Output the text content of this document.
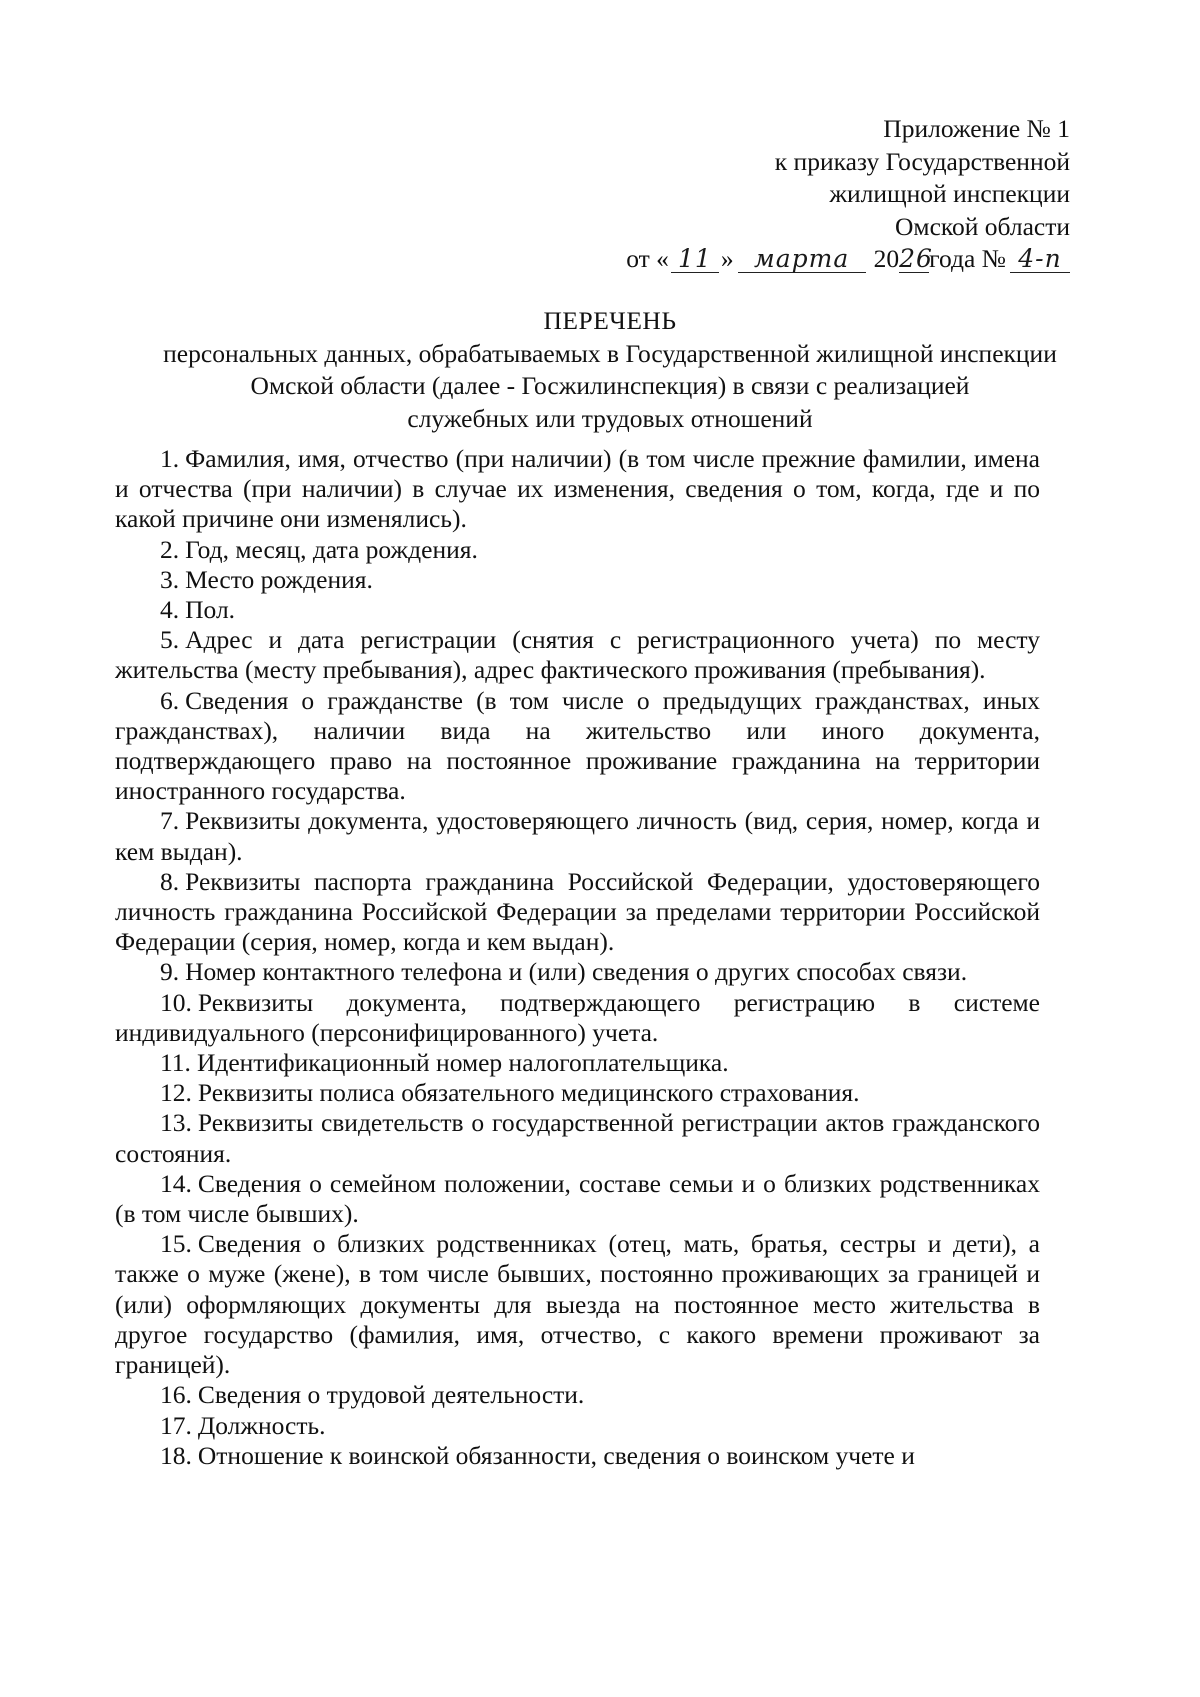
Приложение № 1
к приказу Государственной
жилищной инспекции
Омской области
от « 11 » марта 20 26
года № 4-п
ПЕРЕЧЕНЬ
персональных данных, обрабатываемых в Государственной жилищной инспекции
Омской области (далее - Госжилинспекция) в связи с реализацией
служебных или трудовых отношений

1. Фамилия, имя, отчество (при наличии) (в том числе прежние фамилии, имена и отчества (при наличии) в случае их изменения, сведения о том, когда, где и по какой причине они изменялись).

2. Год, месяц, дата рождения.

3. Место рождения.

4. Пол.

5. Адрес и дата регистрации (снятия с регистрационного учета) по месту жительства (месту пребывания), адрес фактического проживания (пребывания).

6. Сведения о гражданстве (в том числе о предыдущих гражданствах, иных гражданствах), наличии вида на жительство или иного документа, подтверждающего право на постоянное проживание гражданина на территории иностранного государства.

7. Реквизиты документа, удостоверяющего личность (вид, серия, номер, когда и кем выдан).

8. Реквизиты паспорта гражданина Российской Федерации, удостоверяющего личность гражданина Российской Федерации за пределами территории Российской Федерации (серия, номер, когда и кем выдан).

9. Номер контактного телефона и (или) сведения о других способах связи.

10. Реквизиты документа, подтверждающего регистрацию в системе индивидуального (персонифицированного) учета.

11. Идентификационный номер налогоплательщика.

12. Реквизиты полиса обязательного медицинского страхования.

13. Реквизиты свидетельств о государственной регистрации актов гражданского состояния.

14. Сведения о семейном положении, составе семьи и о близких родственниках (в том числе бывших).

15. Сведения о близких родственниках (отец, мать, братья, сестры и дети), а также о муже (жене), в том числе бывших, постоянно проживающих за границей и (или) оформляющих документы для выезда на постоянное место жительства в другое государство (фамилия, имя, отчество, с какого времени проживают за границей).

16. Сведения о трудовой деятельности.

17. Должность.

18. Отношение к воинской обязанности, сведения о воинском учете и
